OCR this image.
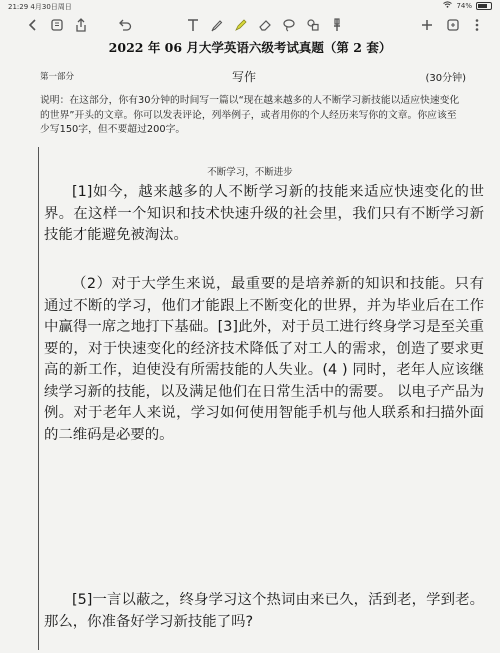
21:29 4月30日周日	74%
2022 年 06 月大学英语六级考试真题（第 2 套）
第一部分	写作	(30分钟)
说明：在这部分，你有30分钟的时间写一篇以“现在越来越多的人不断学习新技能以适应快速变化的世界”开头的文章。你可以发表评论，列举例子，或者用你的个人经历来写你的文章。你应该至少写150字，但不要超过200字。
不断学习，不断进步
[1]如今，越来越多的人不断学习新的技能来适应快速变化的世界。在这样一个知识和技术快速升级的社会里，我们只有不断学习新技能才能避免被淘汰。
（2）对于大学生来说，最重要的是培养新的知识和技能。只有通过不断的学习，他们才能跟上不断变化的世界，并为毕业后在工作中赢得一席之地打下基础。[3]此外，对于员工进行终身学习是至关重要的，对于快速变化的经济技术降低了对工人的需求，创造了要求更高的新工作，迫使没有所需技能的人失业。(4 ) 同时，老年人应该继续学习新的技能，以及满足他们在日常生活中的需要。 以电子产品为例。对于老年人来说，学习如何使用智能手机与他人联系和扫描外面的二维码是必要的。
[5]一言以蔽之，终身学习这个热词由来已久，活到老，学到老。那么，你准备好学习新技能了吗?
